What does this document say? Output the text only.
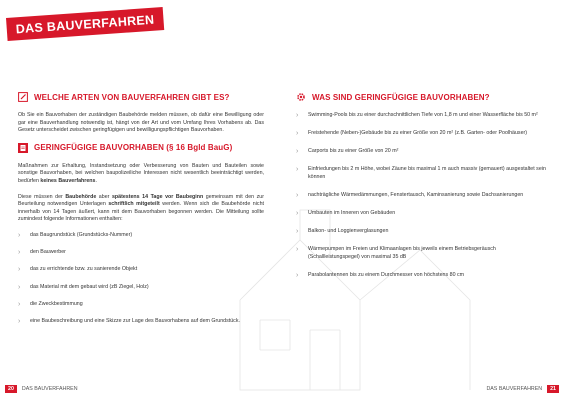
DAS BAUVERFAHREN
WELCHE ARTEN VON BAUVERFAHREN GIBT ES?

Ob Sie ein Bauvorhaben der zuständigen Baubehörde melden müssen, ob dafür eine Bewilligung oder gar eine Bauverhandlung notwendig ist, hängt von der Art und vom Umfang Ihres Vorhabens ab. Das Gesetz unterscheidet zwischen geringfügigen und bewilligungspflichtigen Bauvorhaben.

GERINGFÜGIGE BAUVORHABEN (§ 16 Bgld BauG)

Maßnahmen zur Erhaltung, Instandsetzung oder Verbesserung von Bauten und Bauteilen sowie sonstige Bauvorhaben, bei welchen baupolizeiliche Interessen nicht wesentlich beeinträchtigt werden, bedürfen keines Bauverfahrens.

Diese müssen der Baubehörde aber spätestens 14 Tage vor Baubeginn gemeinsam mit den zur Beurteilung notwendigen Unterlagen schriftlich mitgeteilt werden. Wenn sich die Baubehörde nicht innerhalb von 14 Tagen äußert, kann mit dem Bauvorhaben begonnen werden. Die Mitteilung sollte zumindest folgende Informationen enthalten:

›	das Baugrundstück (Grundstücks-Nummer)
›	den Bauwerber
›	das zu errichtende bzw. zu sanierende Objekt
›	das Material mit dem gebaut wird (zB Ziegel, Holz)
›	die Zweckbestimmung
›	eine Baubeschreibung und eine Skizze zur Lage des Bauvorhabens auf dem Grundstück.
WAS SIND GERINGFÜGIGE BAUVORHABEN?
›	Swimming-Pools bis zu einer durchschnittlichen Tiefe von 1,8 m und einer Wasserfläche bis 50 m²
›	Freistehende (Neben-)Gebäude bis zu einer Größe von 20 m² (z.B. Garten- oder Poolhäuser)
›	Carports bis zu einer Größe von 20 m²
›	Einfriedungen bis 2 m Höhe, wobei Zäune bis maximal 1 m auch massiv (gemauert) ausgestaltet sein können
›	nachträgliche Wärmedämmungen, Fenstertausch, Kaminsanierung sowie Dachsanierungen
›	Umbauten im Inneren von Gebäuden
›	Balkon- und Loggienverglasungen
›	Wärmepumpen im Freien und Klimaanlagen bis jeweils einem Betriebsgeräusch (Schallleistungspegel) von maximal 35 dB
›	Parabolantennen bis zu einem Durchmesser von höchstens 80 cm
20	DAS BAUVERFAHREN	DAS BAUVERFAHREN	21
